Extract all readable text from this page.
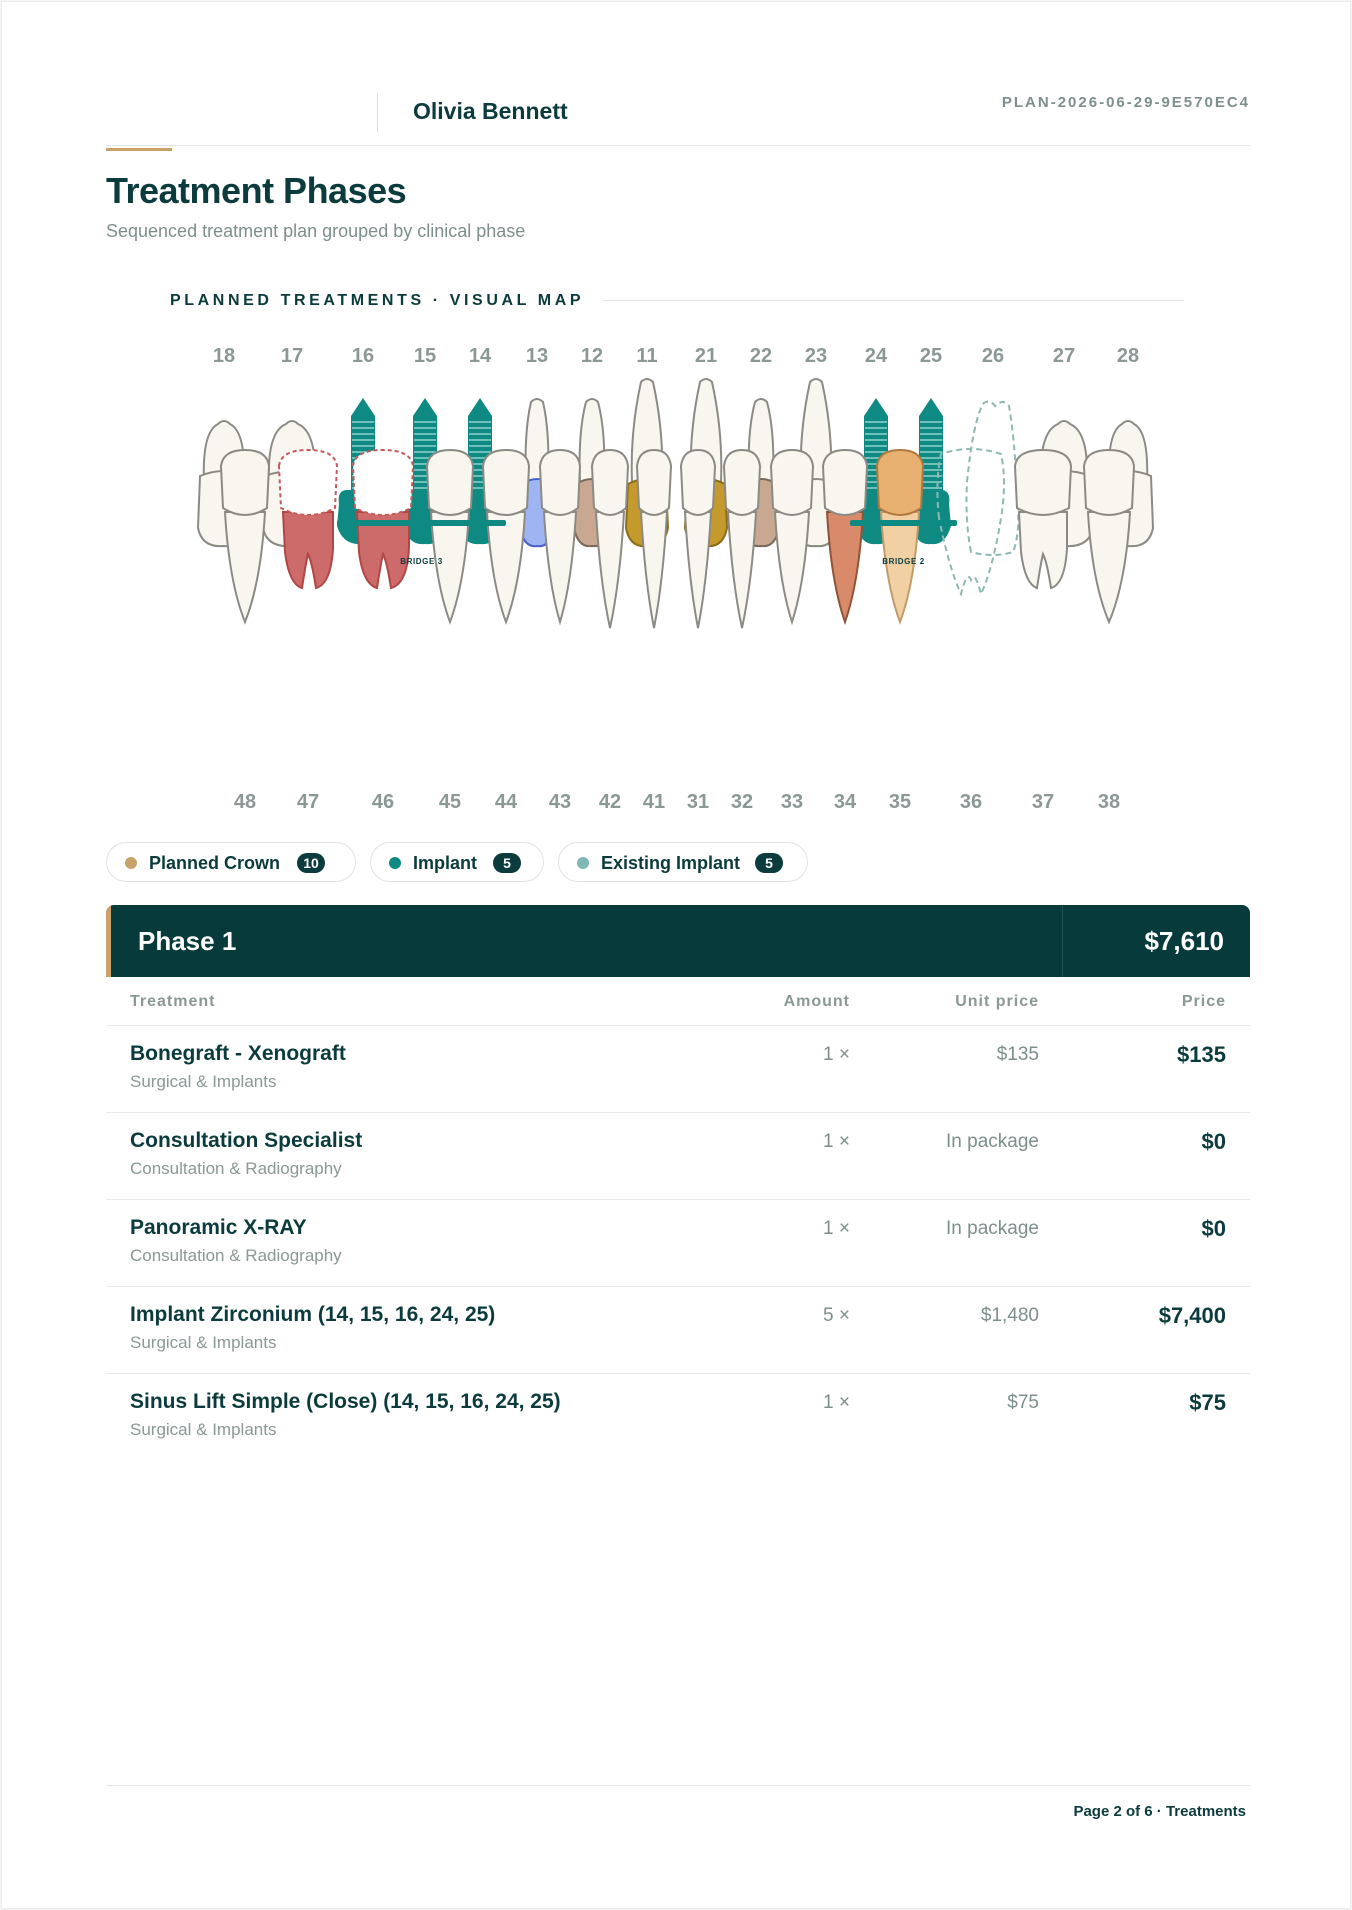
Olivia Bennett	PLAN-2026-06-29-9E570EC4
Treatment Phases
Sequenced treatment plan grouped by clinical phase
PLANNED TREATMENTS · VISUAL MAP
18 17 16 15 14 13 12 11 21 22 23 24 25 26 27 28
48 47	46 45 44 43 42 41 31 32 33 34 35 36 37 38
BRIDGE 3	BRIDGE 2
Planned Crown	10	Implant	5	Existing Implant	5
Phase 1	$7,610
Treatment	Amount	Unit price	Price
Bonegraft - Xenograft
Surgical & Implants
1 ×	$135	$135
Consultation Specialist
Consultation & Radiography
1 ×	In package	$0
Panoramic X-RAY
Consultation & Radiography
1 ×	In package	$0
Implant Zirconium (14, 15, 16, 24, 25)
Surgical & Implants
5 ×	$1,480	$7,400
Sinus Lift Simple (Close) (14, 15, 16, 24, 25)
Surgical & Implants
1 ×	$75	$75
Page 2 of 6 · Treatments
